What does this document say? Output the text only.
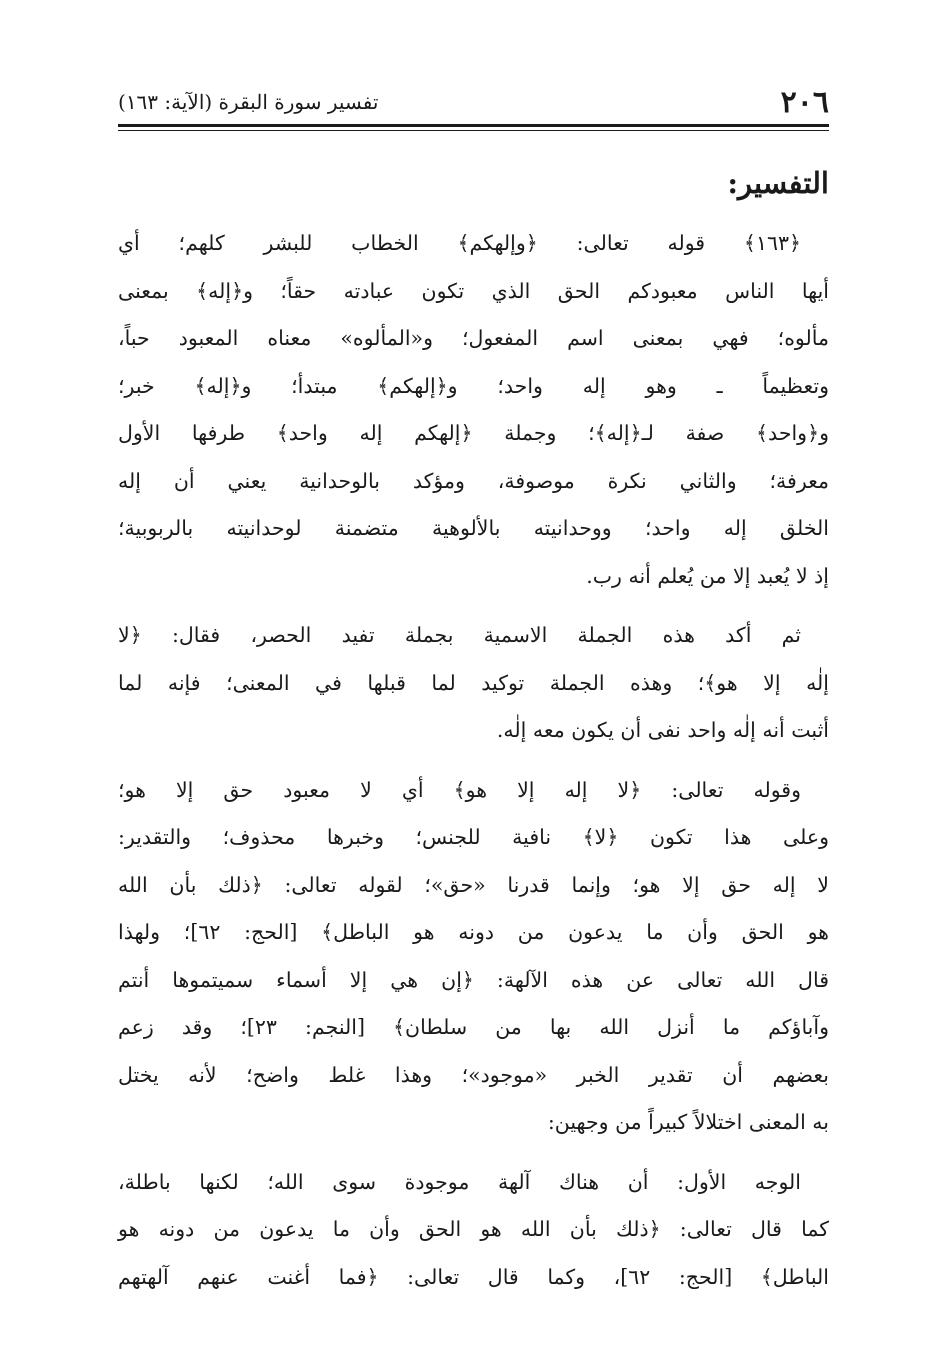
٢٠٦
تفسير سورة البقرة (الآية: ١٦٣)
التفسير:

﴿١٦٣﴾ قوله تعالى: ﴿وإلهكم﴾ الخطاب للبشر كلهم؛ أي
أيها الناس معبودكم الحق الذي تكون عبادته حقاً؛ و﴿إله﴾ بمعنى
مألوه؛ فهي بمعنى اسم المفعول؛ و«المألوه» معناه المعبود حباً،
وتعظيماً ـ وهو إله واحد؛ و﴿إلهكم﴾ مبتدأ؛ و﴿إله﴾ خبر؛
و﴿واحد﴾ صفة لـ﴿إله﴾؛ وجملة ﴿إلهكم إله واحد﴾ طرفها الأول
معرفة؛ والثاني نكرة موصوفة، ومؤكد بالوحدانية يعني أن إله
الخلق إله واحد؛ ووحدانيته بالألوهية متضمنة لوحدانيته بالربوبية؛
إذ لا يُعبد إلا من يُعلم أنه رب.

ثم أكد هذه الجملة الاسمية بجملة تفيد الحصر، فقال: ﴿لا
إلٰه إلا هو﴾؛ وهذه الجملة توكيد لما قبلها في المعنى؛ فإنه لما
أثبت أنه إلٰه واحد نفى أن يكون معه إلٰه.

وقوله تعالى: ﴿لا إله إلا هو﴾ أي لا معبود حق إلا هو؛
وعلى هذا تكون ﴿لا﴾ نافية للجنس؛ وخبرها محذوف؛ والتقدير:
لا إله حق إلا هو؛ وإنما قدرنا «حق»؛ لقوله تعالى: ﴿ذلك بأن الله
هو الحق وأن ما يدعون من دونه هو الباطل﴾ [الحج: ٦٢]؛ ولهذا
قال الله تعالى عن هذه الآلهة: ﴿إن هي إلا أسماء سميتموها أنتم
وآباؤكم ما أنزل الله بها من سلطان﴾ [النجم: ٢٣]؛ وقد زعم
بعضهم أن تقدير الخبر «موجود»؛ وهذا غلط واضح؛ لأنه يختل
به المعنى اختلالاً كبيراً من وجهين:

الوجه الأول: أن هناك آلهة موجودة سوى الله؛ لكنها باطلة،
كما قال تعالى: ﴿ذلك بأن الله هو الحق وأن ما يدعون من دونه هو
الباطل﴾ [الحج: ٦٢]، وكما قال تعالى: ﴿فما أغنت عنهم آلهتهم
